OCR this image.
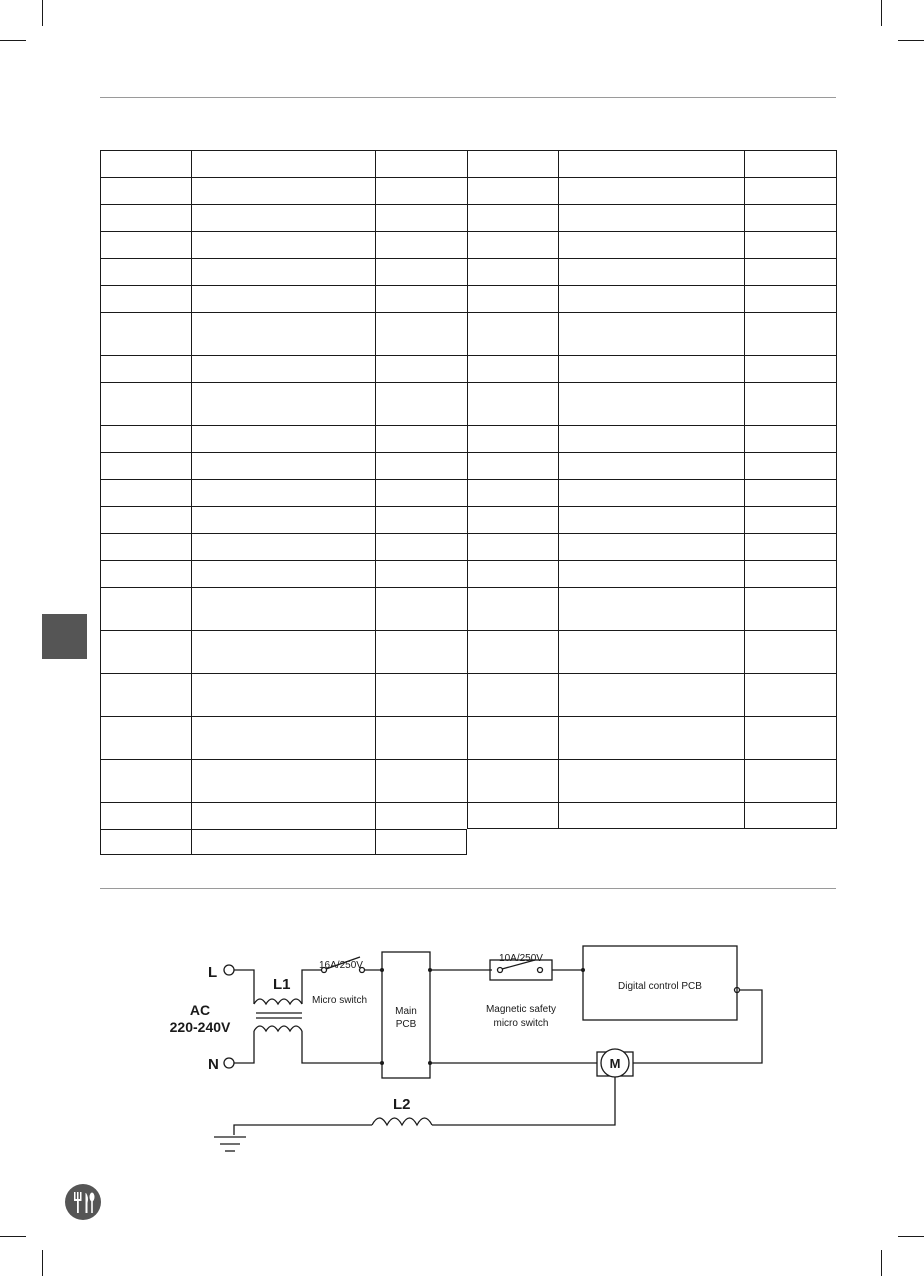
L
N
AC
220-240V
L1
L2
16A/250V
Micro switch
Main
PCB
10A/250V
Magnetic safety
micro switch
Digital control PCB
M
